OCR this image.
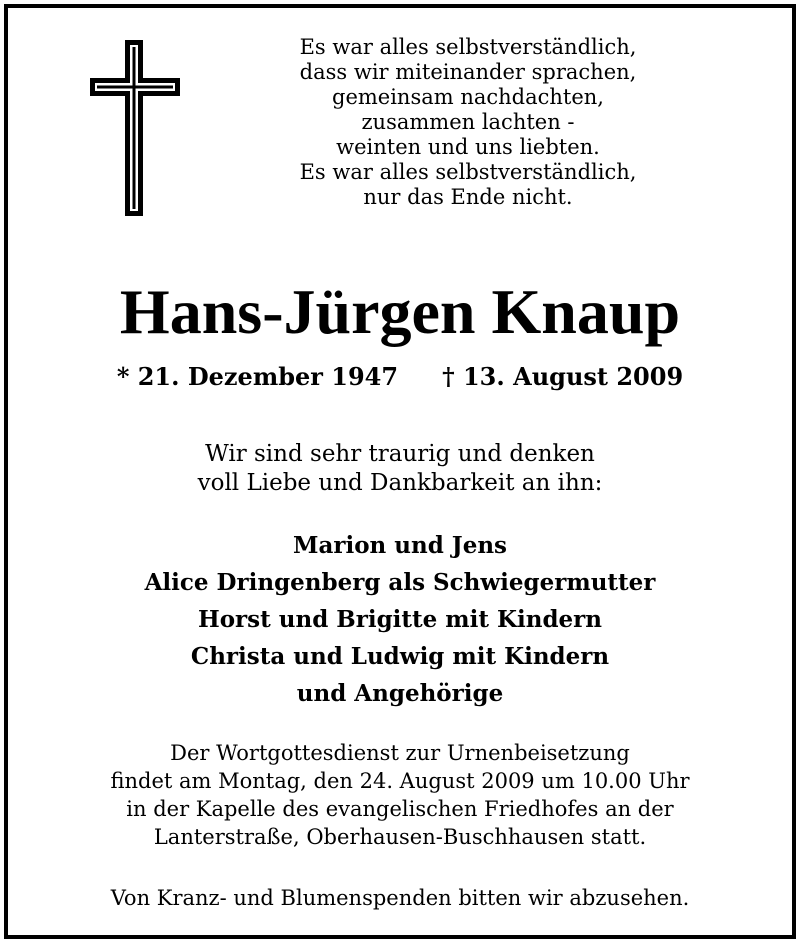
Es war alles selbstverständlich,
dass wir miteinander sprachen,
gemeinsam nachdachten,
zusammen lachten -
weinten und uns liebten.
Es war alles selbstverständlich,
nur das Ende nicht.
Hans-Jürgen Knaup
* 21. Dezember 1947 † 13. August 2009
Wir sind sehr traurig und denken
voll Liebe und Dankbarkeit an ihn:
Marion und Jens
Alice Dringenberg als Schwiegermutter
Horst und Brigitte mit Kindern
Christa und Ludwig mit Kindern
und Angehörige
Der Wortgottesdienst zur Urnenbeisetzung
findet am Montag, den 24. August 2009 um 10.00 Uhr
in der Kapelle des evangelischen Friedhofes an der
Lanterstraße, Oberhausen-Buschhausen statt.
Von Kranz- und Blumenspenden bitten wir abzusehen.
